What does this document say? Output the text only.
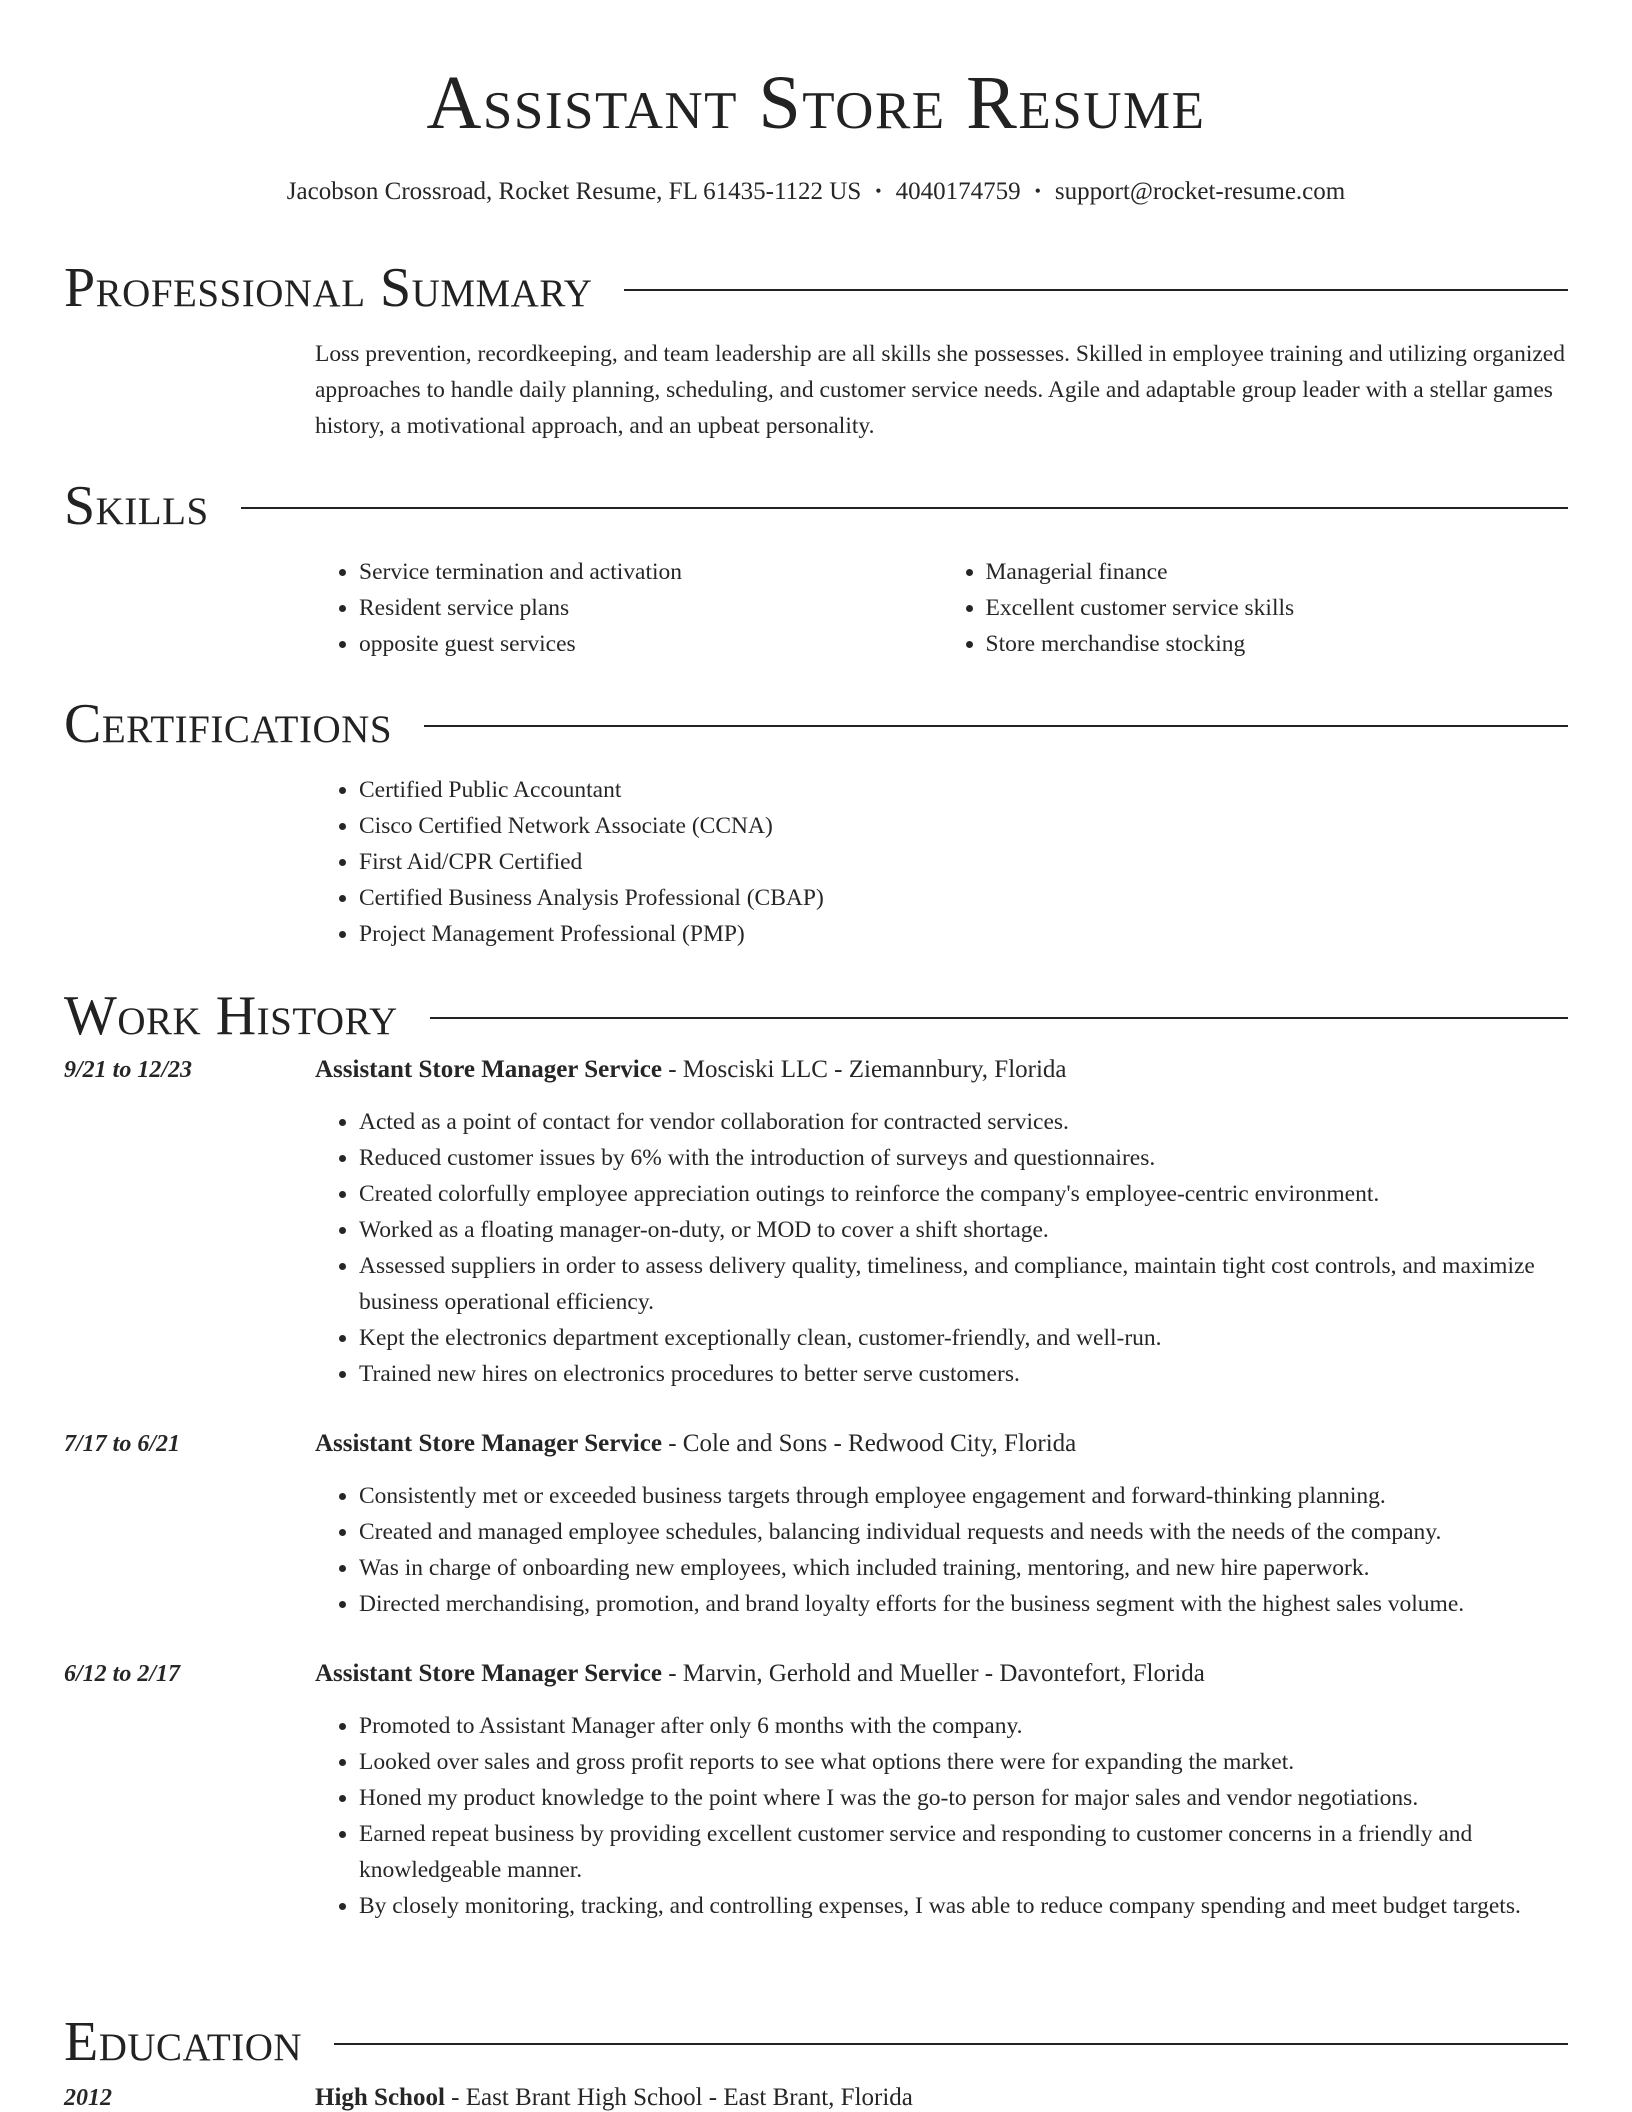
Assistant Store Resume
Jacobson Crossroad, Rocket Resume, FL 61435-1122 US • 4040174759 • support@rocket-resume.com
Professional Summary

Loss prevention, recordkeeping, and team leadership are all skills she possesses. Skilled in employee training and utilizing organized approaches to handle daily planning, scheduling, and customer service needs. Agile and adaptable group leader with a stellar games history, a motivational approach, and an upbeat personality.

Skills
• Service termination and activation
• Resident service plans
• opposite guest services
• Managerial finance
• Excellent customer service skills
• Store merchandise stocking
Certifications
• Certified Public Accountant
• Cisco Certified Network Associate (CCNA)
• First Aid/CPR Certified
• Certified Business Analysis Professional (CBAP)
• Project Management Professional (PMP)
Work History
9/21 to 12/23	Assistant Store Manager Service - Mosciski LLC - Ziemannbury, Florida
• Acted as a point of contact for vendor collaboration for contracted services.
• Reduced customer issues by 6% with the introduction of surveys and questionnaires.
• Created colorfully employee appreciation outings to reinforce the company's employee-centric environment.
• Worked as a floating manager-on-duty, or MOD to cover a shift shortage.
• Assessed suppliers in order to assess delivery quality, timeliness, and compliance, maintain tight cost controls, and maximize business operational efficiency.
• Kept the electronics department exceptionally clean, customer-friendly, and well-run.
• Trained new hires on electronics procedures to better serve customers.
7/17 to 6/21	Assistant Store Manager Service - Cole and Sons - Redwood City, Florida
• Consistently met or exceeded business targets through employee engagement and forward-thinking planning.
• Created and managed employee schedules, balancing individual requests and needs with the needs of the company.
• Was in charge of onboarding new employees, which included training, mentoring, and new hire paperwork.
• Directed merchandising, promotion, and brand loyalty efforts for the business segment with the highest sales volume.
6/12 to 2/17	Assistant Store Manager Service - Marvin, Gerhold and Mueller - Davontefort, Florida
• Promoted to Assistant Manager after only 6 months with the company.
• Looked over sales and gross profit reports to see what options there were for expanding the market.
• Honed my product knowledge to the point where I was the go-to person for major sales and vendor negotiations.
• Earned repeat business by providing excellent customer service and responding to customer concerns in a friendly and knowledgeable manner.
• By closely monitoring, tracking, and controlling expenses, I was able to reduce company spending and meet budget targets.
Education
2012	High School - East Brant High School - East Brant, Florida
